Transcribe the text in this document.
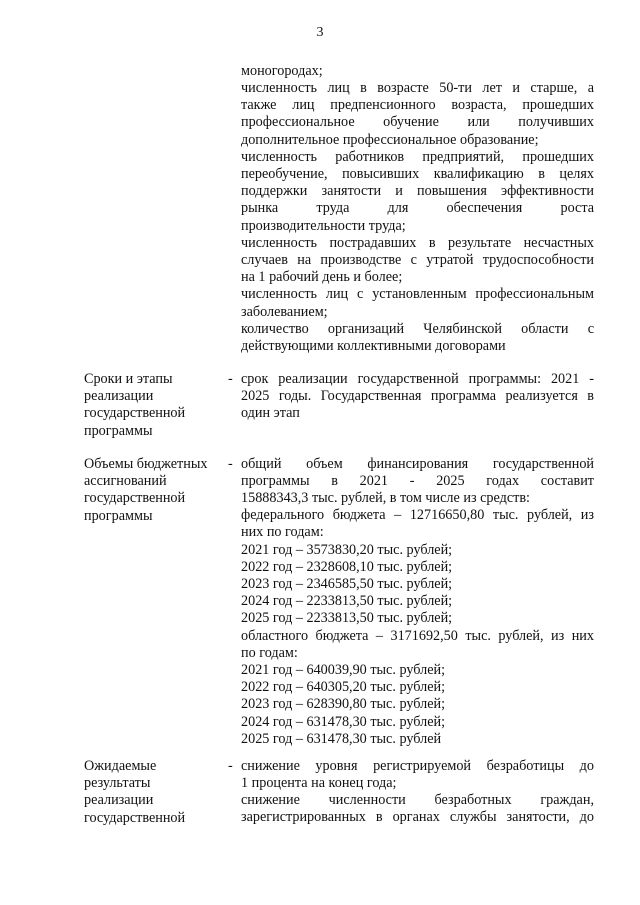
3
моногородах;
численность лиц в возрасте 50-ти лет и старше, а
также лиц предпенсионного возраста, прошедших
профессиональное обучение или получивших
дополнительное профессиональное образование;
численность работников предприятий, прошедших
переобучение, повысивших квалификацию в целях
поддержки занятости и повышения эффективности
рынка труда для обеспечения роста
производительности труда;
численность пострадавших в результате несчастных
случаев на производстве с утратой трудоспособности
на 1 рабочий день и более;
численность лиц с установленным профессиональным
заболеванием;
количество организаций Челябинской области с
действующими коллективными договорами
Сроки и этапы
реализации
государственной
программы
- срок реализации государственной программы: 2021 -
2025 годы. Государственная программа реализуется в
один этап
Объемы бюджетных
ассигнований
государственной
программы
- общий объем финансирования государственной
программы в 2021 - 2025 годах составит
15888343,3 тыс. рублей, в том числе из средств:
федерального бюджета – 12716650,80 тыс. рублей, из
них по годам:
2021 год – 3573830,20 тыс. рублей;
2022 год – 2328608,10 тыс. рублей;
2023 год – 2346585,50 тыс. рублей;
2024 год – 2233813,50 тыс. рублей;
2025 год – 2233813,50 тыс. рублей;
областного бюджета – 3171692,50 тыс. рублей, из них
по годам:
2021 год – 640039,90 тыс. рублей;
2022 год – 640305,20 тыс. рублей;
2023 год – 628390,80 тыс. рублей;
2024 год – 631478,30 тыс. рублей;
2025 год – 631478,30 тыс. рублей
Ожидаемые
результаты
реализации
государственной
- снижение уровня регистрируемой безработицы до
1 процента на конец года;
снижение численности безработных граждан,
зарегистрированных в органах службы занятости, до
